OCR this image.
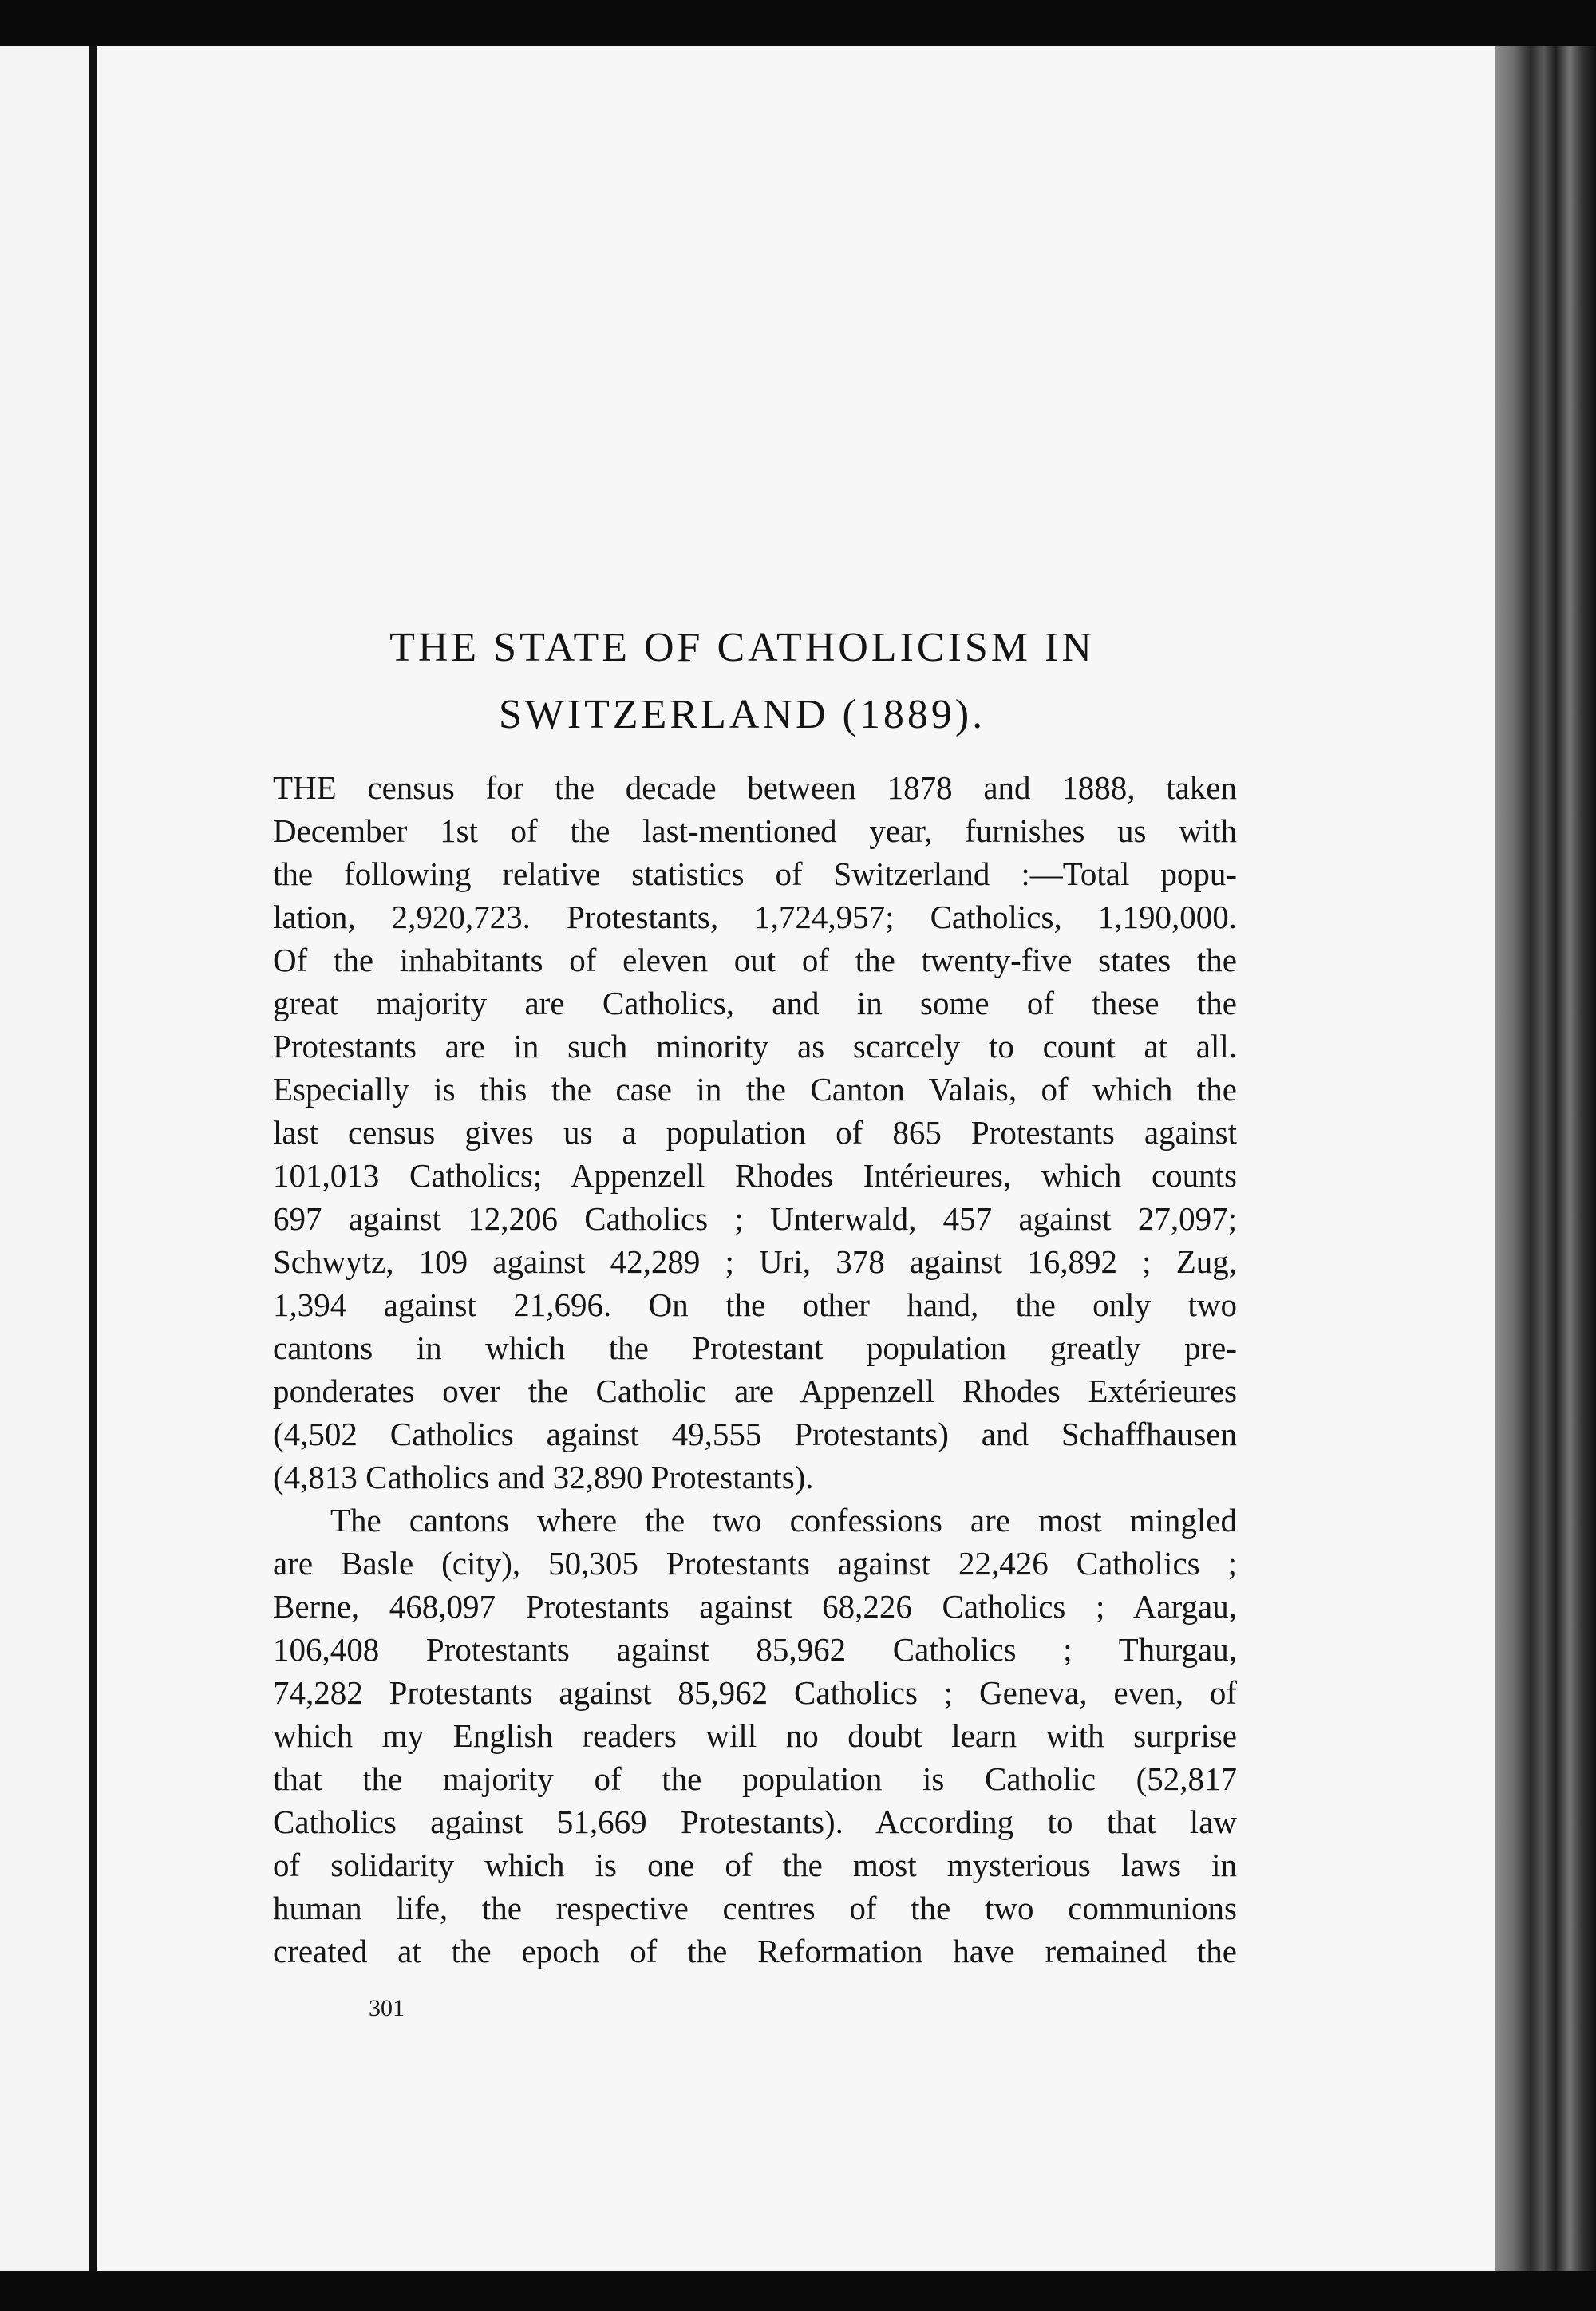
THE STATE OF CATHOLICISM IN
SWITZERLAND (1889).
THE census for the decade between 1878 and 1888, taken
December 1st of the last-mentioned year, furnishes us with
the following relative statistics of Switzerland :—Total popu-
lation, 2,920,723. Protestants, 1,724,957; Catholics, 1,190,000.
Of the inhabitants of eleven out of the twenty-five states the
great majority are Catholics, and in some of these the
Protestants are in such minority as scarcely to count at all.
Especially is this the case in the Canton Valais, of which the
last census gives us a population of 865 Protestants against
101,013 Catholics; Appenzell Rhodes Intérieures, which counts
697 against 12,206 Catholics ; Unterwald, 457 against 27,097;
Schwytz, 109 against 42,289 ; Uri, 378 against 16,892 ; Zug,
1,394 against 21,696. On the other hand, the only two
cantons in which the Protestant population greatly pre-
ponderates over the Catholic are Appenzell Rhodes Extérieures
(4,502 Catholics against 49,555 Protestants) and Schaffhausen
(4,813 Catholics and 32,890 Protestants).
The cantons where the two confessions are most mingled
are Basle (city), 50,305 Protestants against 22,426 Catholics ;
Berne, 468,097 Protestants against 68,226 Catholics ; Aargau,
106,408 Protestants against 85,962 Catholics ; Thurgau,
74,282 Protestants against 85,962 Catholics ; Geneva, even, of
which my English readers will no doubt learn with surprise
that the majority of the population is Catholic (52,817
Catholics against 51,669 Protestants). According to that law
of solidarity which is one of the most mysterious laws in
human life, the respective centres of the two communions
created at the epoch of the Reformation have remained the
301
